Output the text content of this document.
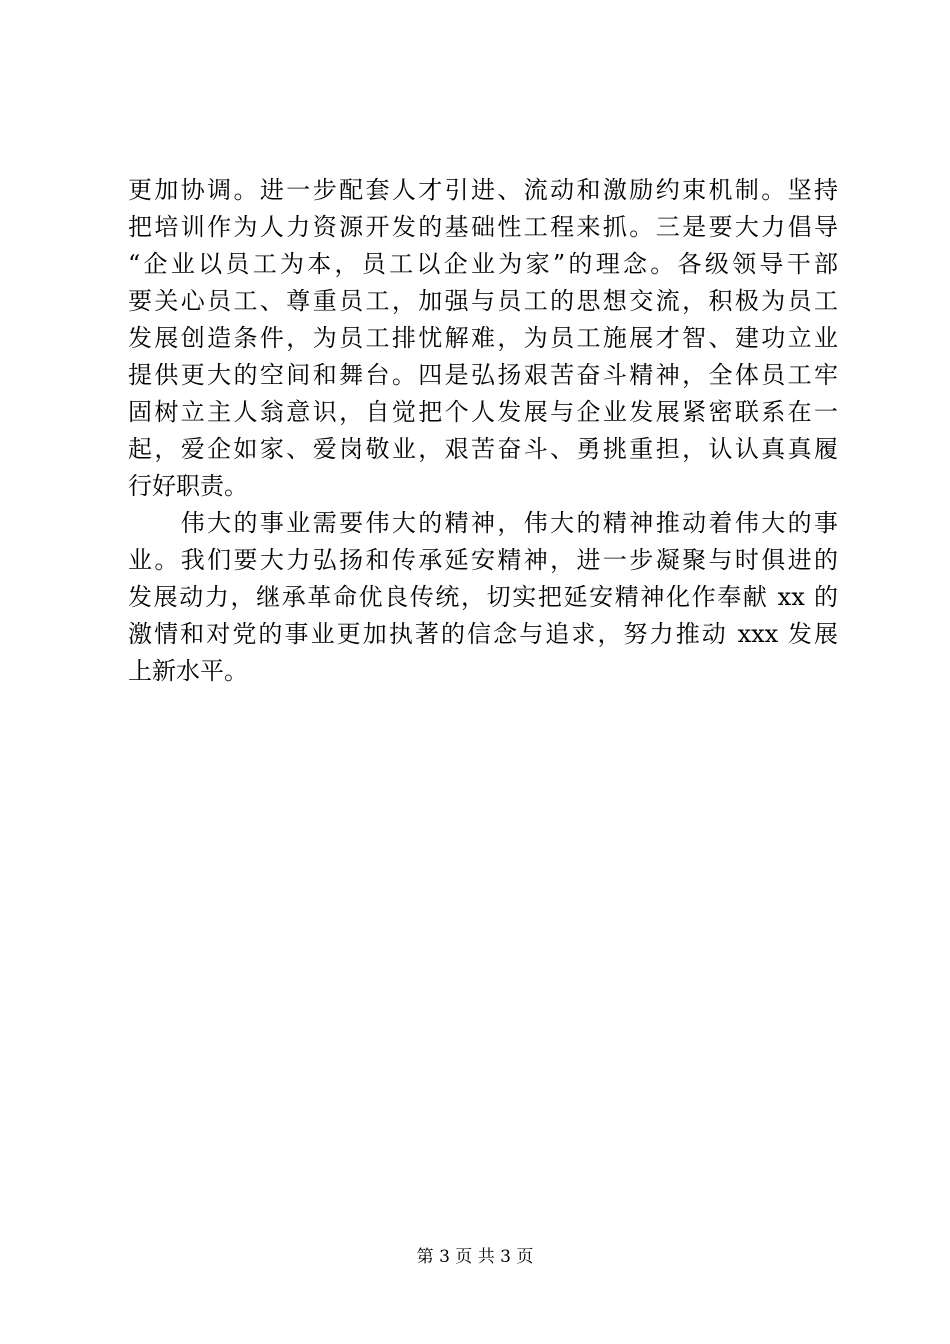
更加协调。进一步配套人才引进、流动和激励约束机制。坚持
把培训作为人力资源开发的基础性工程来抓。三是要大力倡导
“企业以员工为本，员工以企业为家”的理念。各级领导干部
要关心员工、尊重员工，加强与员工的思想交流，积极为员工
发展创造条件，为员工排忧解难，为员工施展才智、建功立业
提供更大的空间和舞台。四是弘扬艰苦奋斗精神，全体员工牢
固树立主人翁意识，自觉把个人发展与企业发展紧密联系在一
起，爱企如家、爱岗敬业，艰苦奋斗、勇挑重担，认认真真履
行好职责。
　　伟大的事业需要伟大的精神，伟大的精神推动着伟大的事
业。我们要大力弘扬和传承延安精神，进一步凝聚与时俱进的
发展动力，继承革命优良传统，切实把延安精神化作奉献 xx 的
激情和对党的事业更加执著的信念与追求，努力推动 xxx 发展
上新水平。
第 3 页 共 3 页
